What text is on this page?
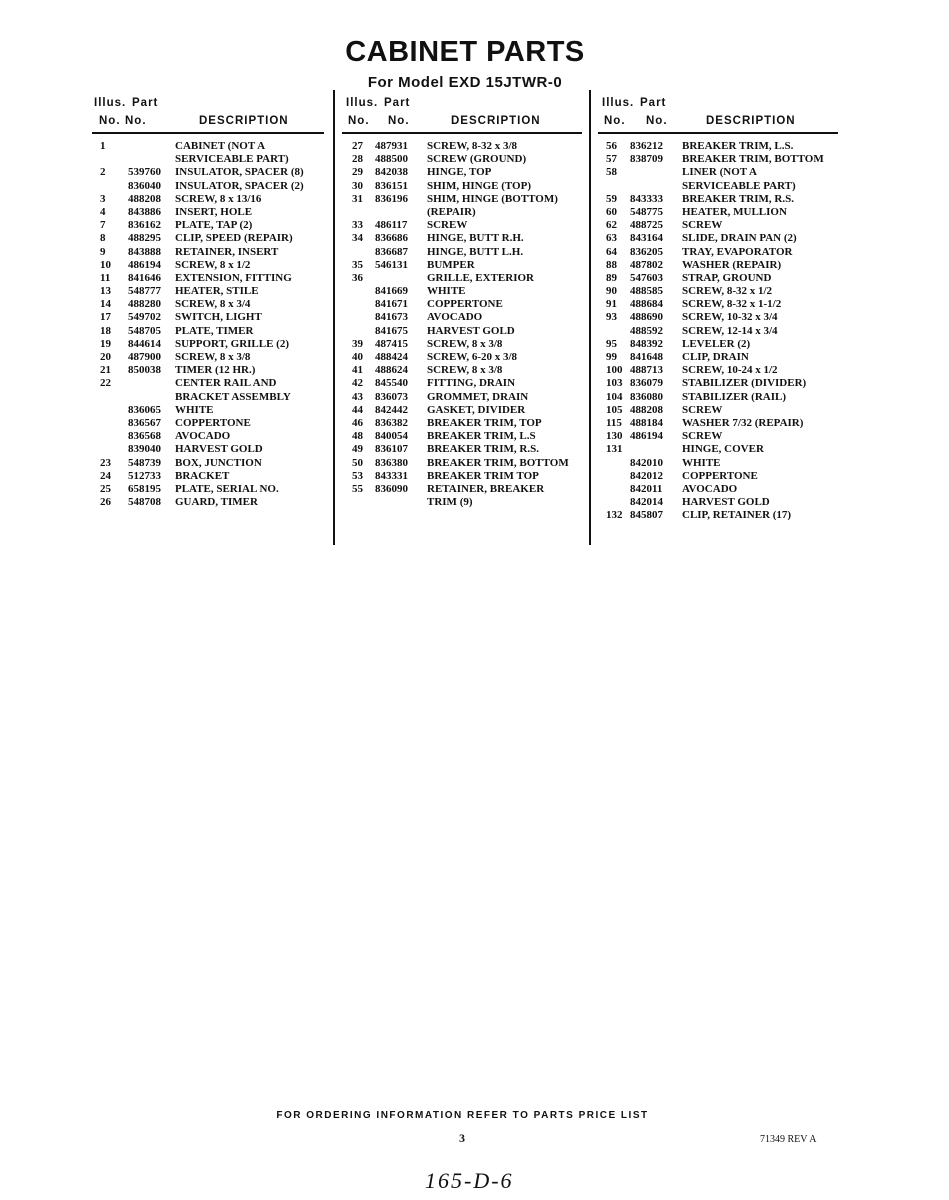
CABINET PARTS
For Model EXD 15JTWR-0
Illus. Part
No. No.	DESCRIPTION
1	CABINET (NOT A
SERVICEABLE PART)
2 539760 INSULATOR, SPACER (8)
836040 INSULATOR, SPACER (2)
3 488208 SCREW, 8 x 13/16
4 843886 INSERT, HOLE
7 836162 PLATE, TAP (2)
8 488295 CLIP, SPEED (REPAIR)
9 843888 RETAINER, INSERT
10 486194 SCREW, 8 x 1/2
11 841646 EXTENSION, FITTING
13 548777 HEATER, STILE
14 488280 SCREW, 8 x 3/4
17 549702 SWITCH, LIGHT
18 548705 PLATE, TIMER
19 844614 SUPPORT, GRILLE (2)
20 487900 SCREW, 8 x 3/8
21 850038 TIMER (12 HR.)
22	CENTER RAIL AND
BRACKET ASSEMBLY
836065 WHITE
836567 COPPERTONE
836568 AVOCADO
839040 HARVEST GOLD
23 548739 BOX, JUNCTION
24 512733 BRACKET
25 658195 PLATE, SERIAL NO.
26 548708 GUARD, TIMER
Illus. Part
No. No.	DESCRIPTION
27 487931 SCREW, 8-32 x 3/8
28 488500 SCREW (GROUND)
29 842038 HINGE, TOP
30 836151 SHIM, HINGE (TOP)
31 836196 SHIM, HINGE (BOTTOM)
(REPAIR)
33 486117 SCREW
34 836686 HINGE, BUTT R.H.
836687 HINGE, BUTT L.H.
35 546131 BUMPER
36	GRILLE, EXTERIOR
841669 WHITE
841671 COPPERTONE
841673 AVOCADO
841675 HARVEST GOLD
39 487415 SCREW, 8 x 3/8
40 488424 SCREW, 6-20 x 3/8
41 488624 SCREW, 8 x 3/8
42 845540 FITTING, DRAIN
43 836073 GROMMET, DRAIN
44 842442 GASKET, DIVIDER
46 836382 BREAKER TRIM, TOP
48 840054 BREAKER TRIM, L.S
49 836107 BREAKER TRIM, R.S.
50 836380 BREAKER TRIM, BOTTOM
53 843331 BREAKER TRIM TOP
55 836090 RETAINER, BREAKER
TRIM (9)
Illus. Part
No. No.	DESCRIPTION
56 836212 BREAKER TRIM, L.S.
57 838709 BREAKER TRIM, BOTTOM
58	LINER (NOT A
SERVICEABLE PART)
59 843333 BREAKER TRIM, R.S.
60 548775 HEATER, MULLION
62 488725 SCREW
63 843164 SLIDE, DRAIN PAN (2)
64 836205 TRAY, EVAPORATOR
88 487802 WASHER (REPAIR)
89 547603 STRAP, GROUND
90 488585 SCREW, 8-32 x 1/2
91 488684 SCREW, 8-32 x 1-1/2
93 488690 SCREW, 10-32 x 3/4
488592 SCREW, 12-14 x 3/4
95 848392 LEVELER (2)
99 841648 CLIP, DRAIN
100 488713 SCREW, 10-24 x 1/2
103 836079 STABILIZER (DIVIDER)
104 836080 STABILIZER (RAIL)
105 488208 SCREW
115 488184 WASHER 7/32 (REPAIR)
130 486194 SCREW
131	HINGE, COVER
842010 WHITE
842012 COPPERTONE
842011 AVOCADO
842014 HARVEST GOLD
132 845807 CLIP, RETAINER (17)
FOR ORDERING INFORMATION REFER TO PARTS PRICE LIST
3	71349 REV A
165-D-6
